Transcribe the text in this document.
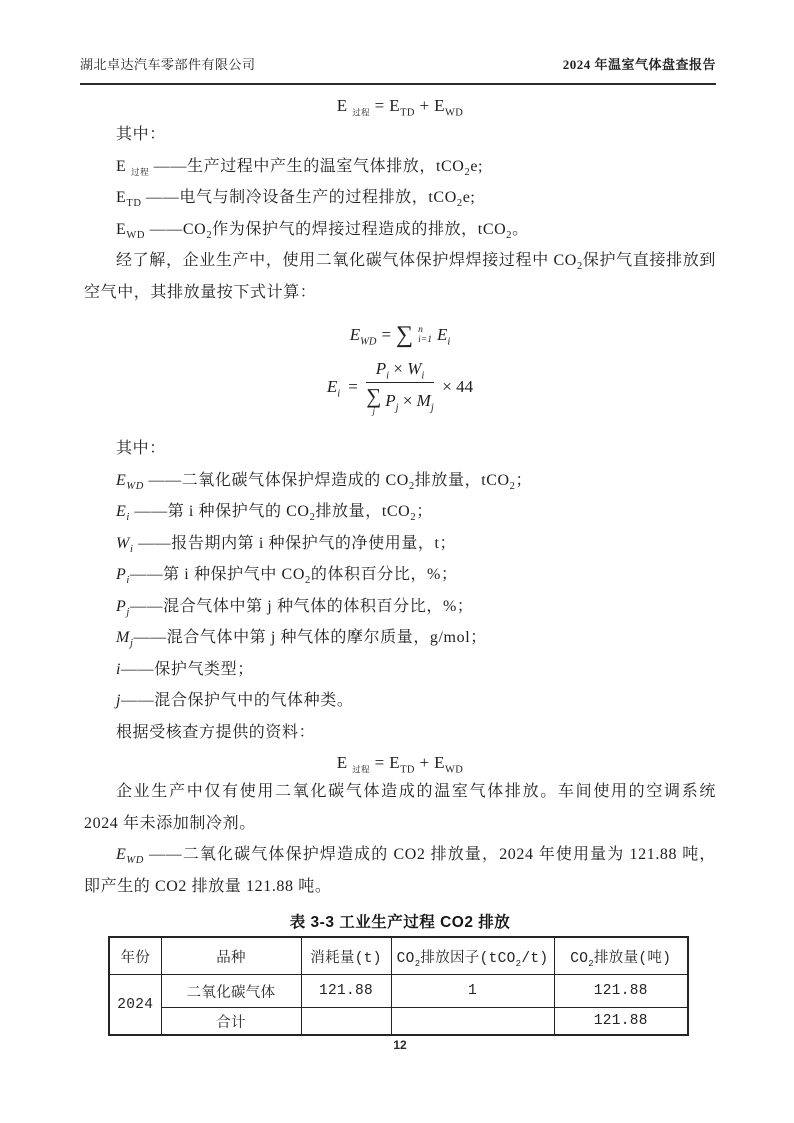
湖北卓达汽车零部件有限公司	2024 年温室气体盘查报告
E $_{过程} = E_{TD} + E_{WD}$

其中：

E $_{过程}$ ——生产过程中产生的温室气体排放，tCO$_2$e;

$E_{TD}$ ——电气与制冷设备生产的过程排放，tCO$_2$e;

$E_{WD}$ $——CO_2$作为保护气的焊接过程造成的排放，tCO$_2$。

经了解，企业生产中，使用二氧化碳气体保护焊焊接过程中 $CO_2$保护气直接排放到空气中，其排放量按下式计算：

$E_{WD}$ = ∑ n
i=1 $E_i$
$E_i = P_i \times W_i$
∑
j
$P_j \times M_j \times 44$

其中：

$E_{WD}$ ——二氧化碳气体保护焊造成的 $CO_2$排放量，tCO$_2$；

$E_i$ ——第 i 种保护气的 $CO_2$排放量，tCO$_2$；

$W_i$ ——报告期内第 i 种保护气的净使用量，t；

$P_i——$第 i 种保护气中 $CO_2$的体积百分比，%；

$P_j——$混合气体中第 j 种气体的体积百分比，%；

$M_j——$混合气体中第 j 种气体的摩尔质量，g/mol；

i——保护气类型；

j——混合保护气中的气体种类。

根据受核查方提供的资料：

E $_{过程} = E_{TD} + E_{WD}$

企业生产中仅有使用二氧化碳气体造成的温室气体排放。车间使用的空调系统 2024 年未添加制冷剂。

$E_{WD}$ ——二氧化碳气体保护焊造成的 CO2 排放量，2024 年使用量为 121.88 吨，即产生的 CO2 排放量 121.88 吨。

表 3-3 工业生产过程 CO2 排放
年份	品种	消耗量(t)	$CO_2$排放因子(tCO$_2$/t)	$CO_2$排放量(吨)
2024	二氧化碳气体	121.88	1	121.88
	合计			121.88
12
